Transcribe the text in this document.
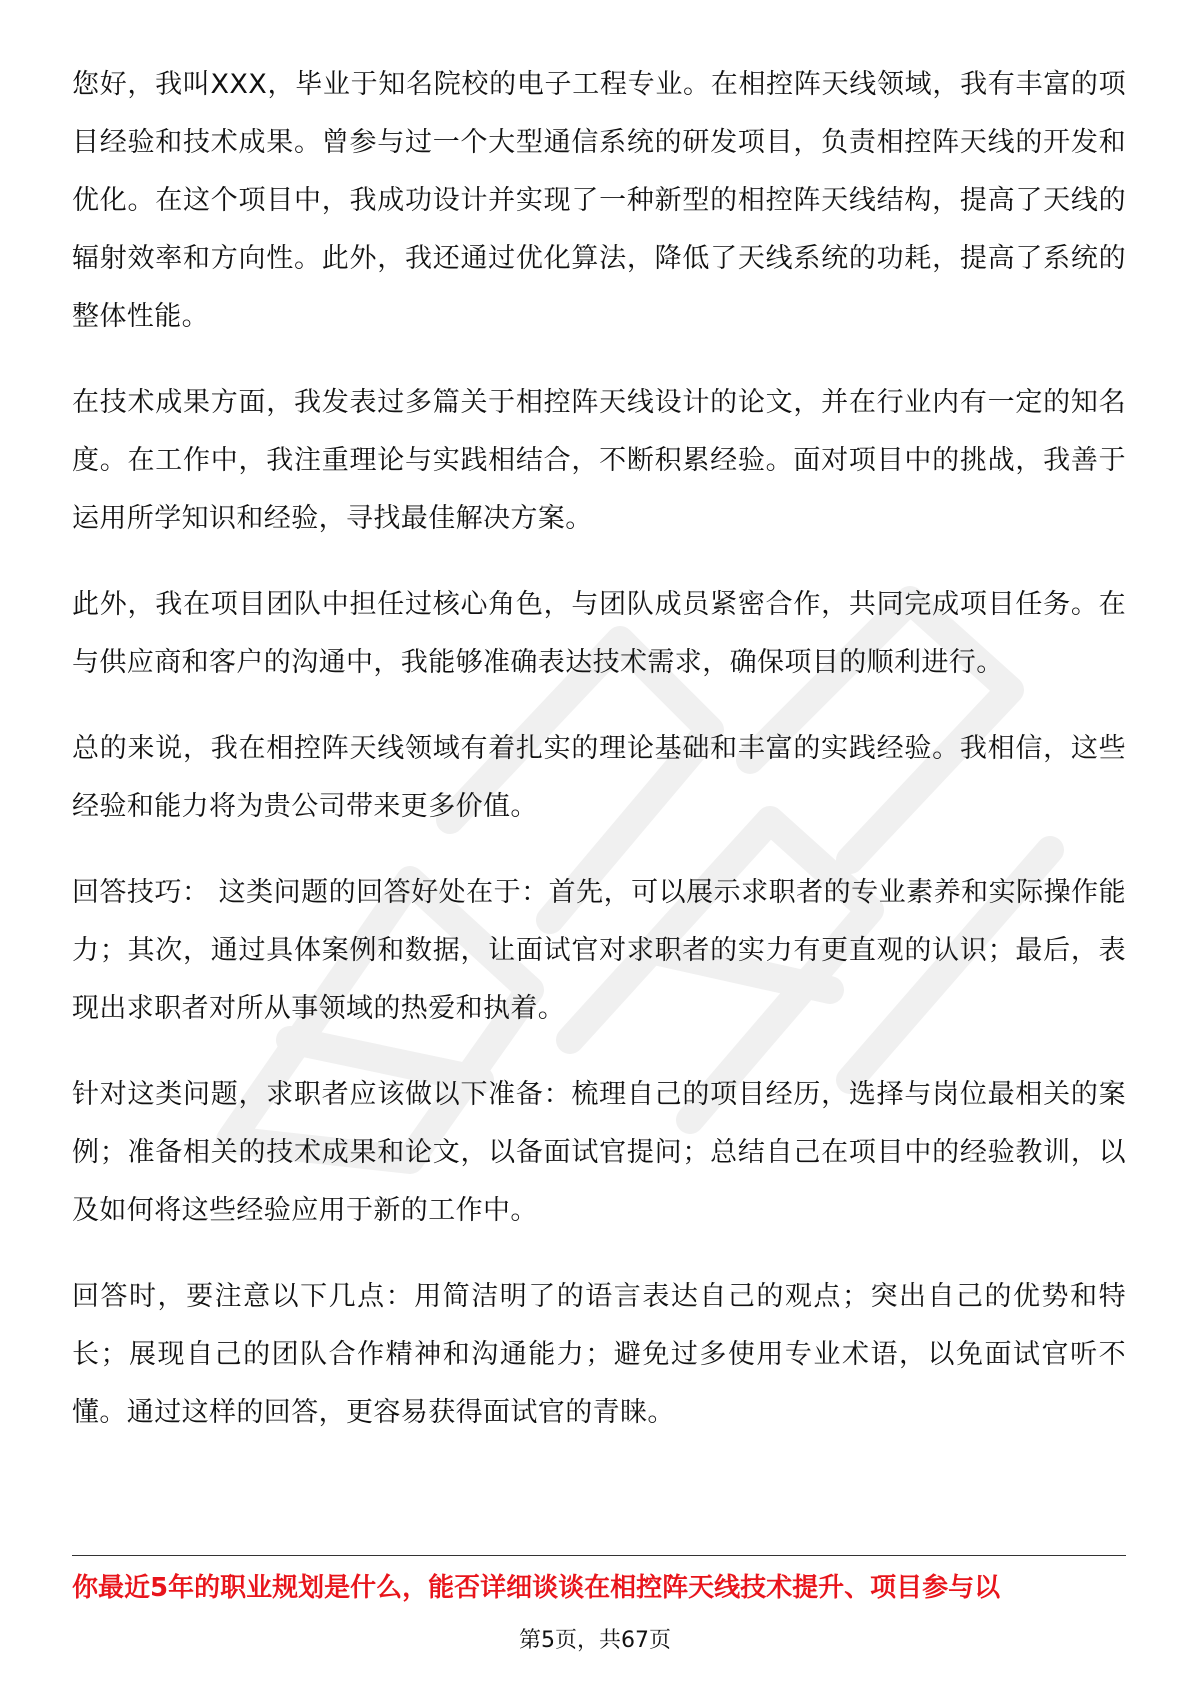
您好，我叫XXX，毕业于知名院校的电子工程专业。在相控阵天线领域，我有丰富的项目经验和技术成果。曾参与过一个大型通信系统的研发项目，负责相控阵天线的开发和优化。在这个项目中，我成功设计并实现了一种新型的相控阵天线结构，提高了天线的辐射效率和方向性。此外，我还通过优化算法，降低了天线系统的功耗，提高了系统的整体性能。

在技术成果方面，我发表过多篇关于相控阵天线设计的论文，并在行业内有一定的知名度。在工作中，我注重理论与实践相结合，不断积累经验。面对项目中的挑战，我善于运用所学知识和经验，寻找最佳解决方案。

此外，我在项目团队中担任过核心角色，与团队成员紧密合作，共同完成项目任务。在与供应商和客户的沟通中，我能够准确表达技术需求，确保项目的顺利进行。

总的来说，我在相控阵天线领域有着扎实的理论基础和丰富的实践经验。我相信，这些经验和能力将为贵公司带来更多价值。

回答技巧： 这类问题的回答好处在于：首先，可以展示求职者的专业素养和实际操作能力；其次，通过具体案例和数据，让面试官对求职者的实力有更直观的认识；最后，表现出求职者对所从事领域的热爱和执着。

针对这类问题，求职者应该做以下准备：梳理自己的项目经历，选择与岗位最相关的案例；准备相关的技术成果和论文，以备面试官提问；总结自己在项目中的经验教训，以及如何将这些经验应用于新的工作中。

回答时，要注意以下几点：用简洁明了的语言表达自己的观点；突出自己的优势和特长；展现自己的团队合作精神和沟通能力；避免过多使用专业术语，以免面试官听不懂。通过这样的回答，更容易获得面试官的青睐。

你最近5年的职业规划是什么，能否详细谈谈在相控阵天线技术提升、项目参与以
第5页，共67页
